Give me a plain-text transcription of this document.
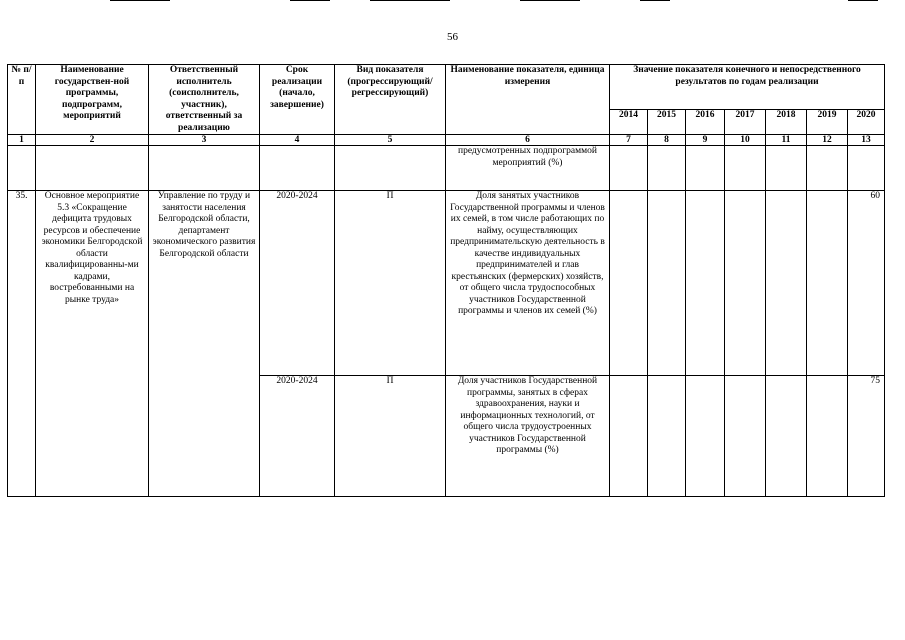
56
№ п/п	Наименование государствен-ной программы, подпрограмм, мероприятий	Ответственный исполнитель (соисполнитель, участник), ответственный за реализацию	Срок реализации (начало, завершение)	Вид показателя (прогрессирующий/ регрессирующий)	Наименование показателя, единица измерения	Значение показателя конечного и непосредственного результатов по годам реализации						
						2014	2015	2016	2017	2018	2019	2020
1	2	3	4	5	6	7	8	9	10	11	12	13
					предусмотренных подпрограммой мероприятий (%)							
35.	Основное мероприятие 5.3 «Сокращение дефицита трудовых ресурсов и обеспечение экономики Белгородской области квалифицированны-ми кадрами, востребованными на рынке труда»	Управление по труду и занятости населения Белгородской области, департамент экономического развития Белгородской области	2020-2024	П	Доля занятых участников Государственной программы и членов их семей, в том числе работающих по найму, осуществляющих предпринимательскую деятельность в качестве индивидуальных предпринимателей и глав крестьянских (фермерских) хозяйств, от общего числа трудоспособных участников Государственной программы и членов их семей (%)							60
			2020-2024	П	Доля участников Государственной программы, занятых в сферах здравоохранения, науки и информационных технологий, от общего числа трудоустроенных участников Государственной программы (%)							75
